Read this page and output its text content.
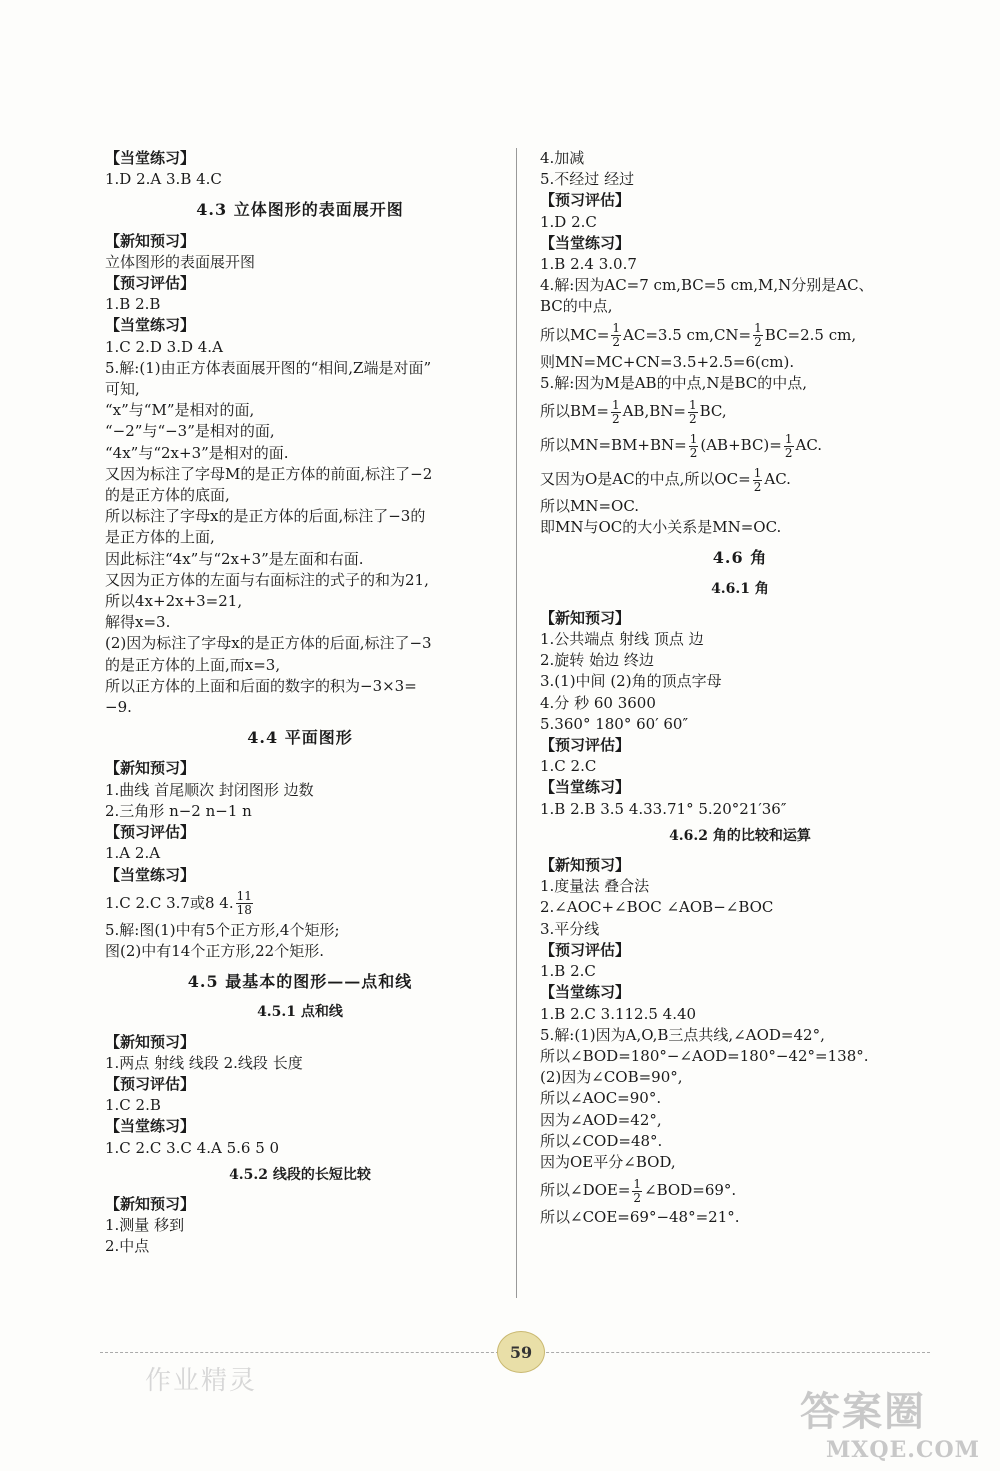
【当堂练习】
1.D 2.A 3.B 4.C
4.3 立体图形的表面展开图
【新知预习】
立体图形的表面展开图
【预习评估】
1.B 2.B
【当堂练习】
1.C 2.D 3.D 4.A
5.解:(1)由正方体表面展开图的“相间,Z端是对面”
可知,
“x”与“M”是相对的面,
“−2”与“−3”是相对的面,
“4x”与“2x+3”是相对的面.
又因为标注了字母M的是正方体的前面,标注了−2
的是正方体的底面,
所以标注了字母x的是正方体的后面,标注了−3的
是正方体的上面,
因此标注“4x”与“2x+3”是左面和右面.
又因为正方体的左面与右面标注的式子的和为21,
所以4x+2x+3=21,
解得x=3.
(2)因为标注了字母x的是正方体的后面,标注了−3
的是正方体的上面,而x=3,
所以正方体的上面和后面的数字的积为−3×3=
−9.
4.4 平面图形
【新知预习】
1.曲线 首尾顺次 封闭图形 边数
2.三角形 n−2 n−1 n
【预习评估】
1.A 2.A
【当堂练习】
1.C 2.C 3.7或8 4. $\frac{11}{18}$
5.解:图(1)中有5个正方形,4个矩形;
图(2)中有14个正方形,22个矩形.
4.5 最基本的图形——点和线
4.5.1 点和线
【新知预习】
1.两点 射线 线段 2.线段 长度
【预习评估】
1.C 2.B
【当堂练习】
1.C 2.C 3.C 4.A 5.6 5 0
4.5.2 线段的长短比较
【新知预习】
1.测量 移到
2.中点
4.加减
5.不经过 经过
【预习评估】
1.D 2.C
【当堂练习】
1.B 2.4 3.0.7
4.解:因为AC=7 cm,BC=5 cm,M,N分别是AC、
BC的中点,
所以$MC= \frac{1}{2} AC=3.5$ $cm,CN= \frac{1}{2} BC=2.5$ cm,
则MN=MC+CN=3.5+2.5=6(cm).
5.解:因为M是AB的中点,N是BC的中点,
所以$BM= \frac{1}{2} AB,BN= \frac{1}{2}$ BC,
所以$MN=BM+BN= \frac{1}{2} (AB+BC)= \frac{1}{2}$ AC.
又因为O是AC的中点,所以$OC= \frac{1}{2}$ AC.
所以MN=OC.
即MN与OC的大小关系是MN=OC.
4.6 角
4.6.1 角
【新知预习】
1.公共端点 射线 顶点 边
2.旋转 始边 终边
3.(1)中间 (2)角的顶点字母
4.分 秒 60 3600
5.360° 180° 60′ 60″
【预习评估】
1.C 2.C
【当堂练习】
1.B 2.B 3.5 4.33.71° 5.20°21′36″
4.6.2 角的比较和运算
【新知预习】
1.度量法 叠合法
2.∠AOC+∠BOC ∠AOB−∠BOC
3.平分线
【预习评估】
1.B 2.C
【当堂练习】
1.B 2.C 3.112.5 4.40
5.解:(1)因为A,O,B三点共线,∠AOD=42°,
所以∠BOD=180°−∠AOD=180°−42°=138°.
(2)因为∠COB=90°,
所以∠AOC=90°.
因为∠AOD=42°,
所以∠COD=48°.
因为OE平分∠BOD,
所以∠DOE= $\frac{1}{2}$ ∠BOD=69°.
所以∠COE=69°−48°=21°.
59
作业精灵
答案圈
MXQE.COM
